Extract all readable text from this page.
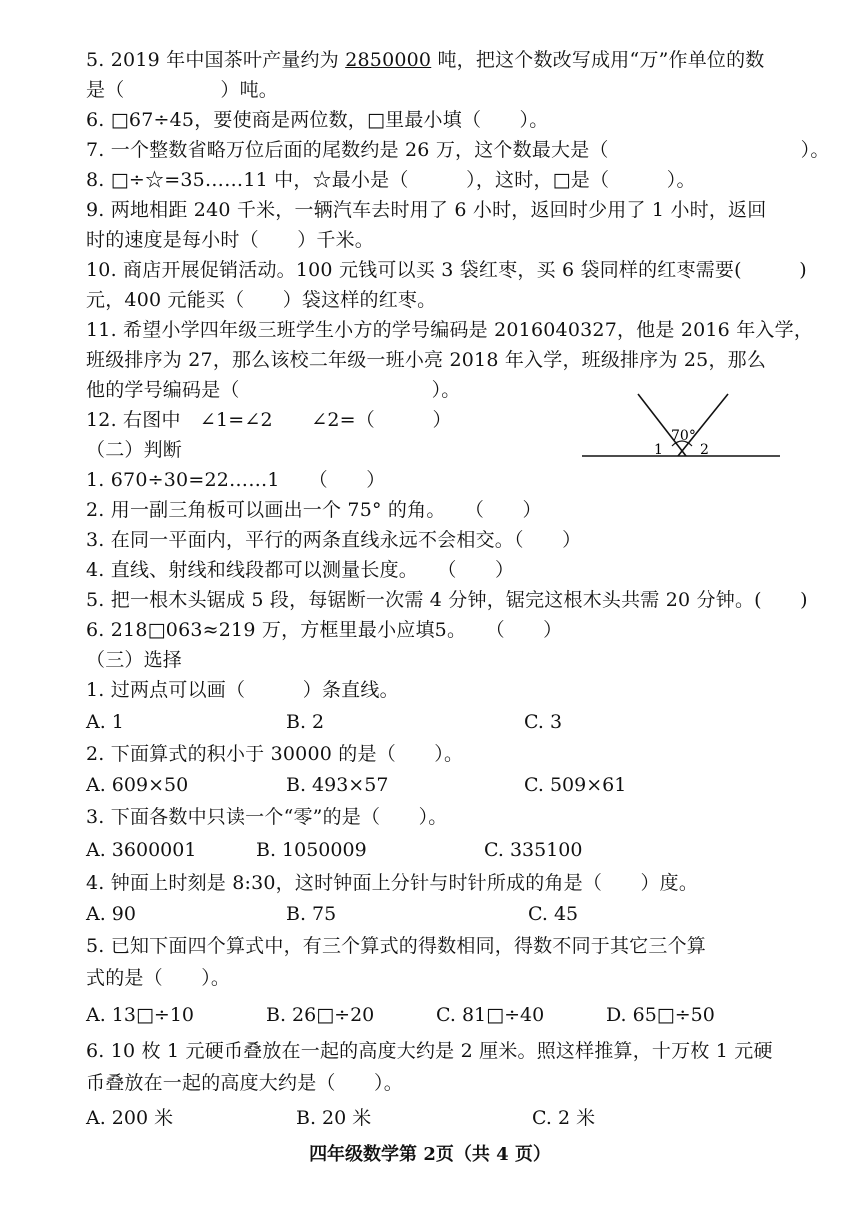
5. 2019 年中国茶叶产量约为 2850000 吨，把这个数改写成用“万”作单位的数
是（　　　　　）吨。
6. □67÷45，要使商是两位数，□里最小填（　　）。
7. 一个整数省略万位后面的尾数约是 26 万，这个数最大是（　　　　　　　　　　）。
8. □÷☆=35……11 中，☆最小是（　　　），这时，□是（　　　）。
9. 两地相距 240 千米，一辆汽车去时用了 6 小时，返回时少用了 1 小时，返回
时的速度是每小时（　　）千米。
10. 商店开展促销活动。100 元钱可以买 3 袋红枣，买 6 袋同样的红枣需要(　　　)
元，400 元能买（　　）袋这样的红枣。
11. 希望小学四年级三班学生小方的学号编码是 2016040327，他是 2016 年入学，
班级排序为 27，那么该校二年级一班小亮 2018 年入学，班级排序为 25，那么
他的学号编码是（　　　　　　　　　　）。
12. 右图中　∠1=∠2　　∠2=（　　　）
70°
1	2
（二）判断
1. 670÷30=22……1　　（　　）
2. 用一副三角板可以画出一个 75° 的角。　　（　　）
3. 在同一平面内，平行的两条直线永远不会相交。（　　）
4. 直线、射线和线段都可以测量长度。　　（　　）
5. 把一根木头锯成 5 段，每锯断一次需 4 分钟，锯完这根木头共需 20 分钟。(　　)
6. 218□063≈219 万，方框里最小应填5。　　（　　）
（三）选择
1. 过两点可以画（　　　）条直线。
A. 1	B. 2	C. 3
2. 下面算式的积小于 30000 的是（　　）。
A. 609×50	B. 493×57	C. 509×61
3. 下面各数中只读一个“零”的是（　　）。
A. 3600001	B. 1050009	C. 335100
4. 钟面上时刻是 8:30，这时钟面上分针与时针所成的角是（　　）度。
A. 90	B. 75	C. 45
5. 已知下面四个算式中，有三个算式的得数相同，得数不同于其它三个算
式的是（　　）。
A. 13□÷10	B. 26□÷20	C. 81□÷40	D. 65□÷50
6. 10 枚 1 元硬币叠放在一起的高度大约是 2 厘米。照这样推算，十万枚 1 元硬
币叠放在一起的高度大约是（　　）。
A. 200 米	B. 20 米	C. 2 米
四年级数学第 2页（共 4 页）
